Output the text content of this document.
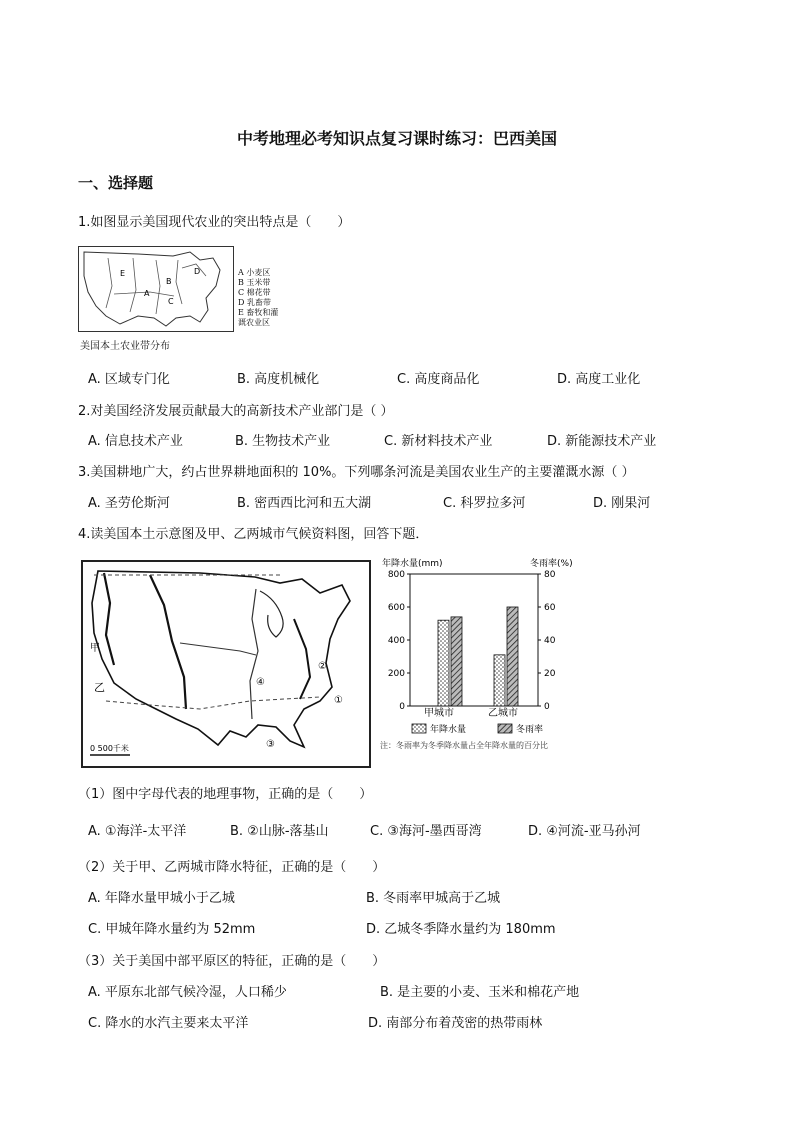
中考地理必考知识点复习课时练习：巴西美国
一、选择题
1.如图显示美国现代农业的突出特点是（　　）
E
B
A
C
D	A 小麦区
B 玉米带
C 棉花带
D 乳畜带
E 畜牧和灌
溉农业区
美国本土农业带分布
A. 区域专门化	B. 高度机械化	C. 高度商品化	D. 高度工业化
2.对美国经济发展贡献最大的高新技术产业部门是（ ）
A. 信息技术产业	B. 生物技术产业	C. 新材料技术产业	D. 新能源技术产业
3.美国耕地广大，约占世界耕地面积的 10%。下列哪条河流是美国农业生产的主要灌溉水源（ ）
A. 圣劳伦斯河	B. 密西西比河和五大湖	C. 科罗拉多河	D. 刚果河
4.读美国本土示意图及甲、乙两城市气候资料图，回答下题．
甲
乙
①
②
③
④
0 500千米
年降水量(mm)	冬雨率(%)
0
200
400
600
800
0
20
40
60
80
甲城市	乙城市
年降水量	冬雨率
注：冬雨率为冬季降水量占全年降水量的百分比
（1）图中字母代表的地理事物，正确的是（　　）
A. ①海洋-太平洋	B. ②山脉-落基山	C. ③海河-墨西哥湾	D. ④河流-亚马孙河
（2）关于甲、乙两城市降水特征，正确的是（　　）
A. 年降水量甲城小于乙城	B. 冬雨率甲城高于乙城
C. 甲城年降水量约为 52mm	D. 乙城冬季降水量约为 180mm
（3）关于美国中部平原区的特征，正确的是（　　）
A. 平原东北部气候冷湿，人口稀少	B. 是主要的小麦、玉米和棉花产地
C. 降水的水汽主要来太平洋	D. 南部分布着茂密的热带雨林
